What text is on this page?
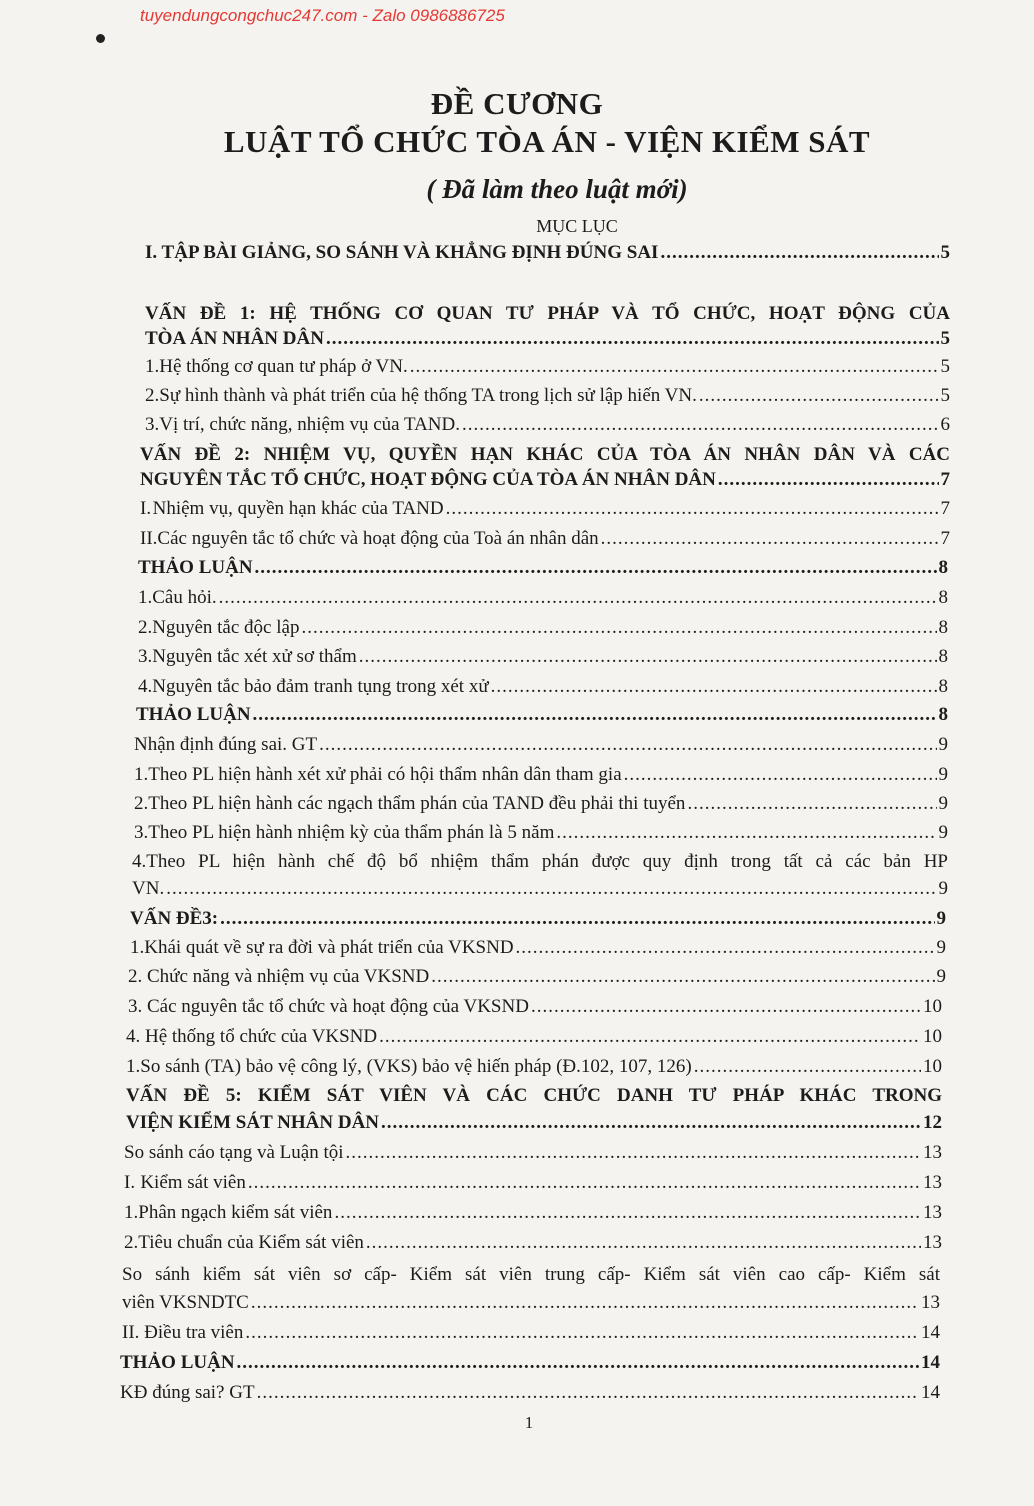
tuyendungcongchuc247.com - Zalo 0986886725
ĐỀ CƯƠNG
LUẬT TỔ CHỨC TÒA ÁN - VIỆN KIỂM SÁT
( Đã làm theo luật mới)
MỤC LỤC
I. TẬP BÀI GIẢNG, SO SÁNH VÀ KHẲNG ĐỊNH ĐÚNG SAI .....	5
VẤN ĐỀ 1: HỆ THỐNG CƠ QUAN TƯ PHÁP VÀ TỔ CHỨC, HOẠT ĐỘNG CỦA
TÒA ÁN NHÂN DÂN .....	5
1. Hệ thống cơ quan tư pháp ở VN. .....	5
2. Sự hình thành và phát triển của hệ thống TA trong lịch sử lập hiến VN. .....	5
3. Vị trí, chức năng, nhiệm vụ của TAND. .....	6
VẤN ĐỀ 2: NHIỆM VỤ, QUYỀN HẠN KHÁC CỦA TÒA ÁN NHÂN DÂN VÀ CÁC
NGUYÊN TẮC TỔ CHỨC, HOẠT ĐỘNG CỦA TÒA ÁN NHÂN DÂN .....	7
I. Nhiệm vụ, quyền hạn khác của TAND .....	7
II. Các nguyên tắc tổ chức và hoạt động của Toà án nhân dân .....	7
THẢO LUẬN .....	8
1.Câu hỏi. .....	8
2.Nguyên tắc độc lập .....	8
3.Nguyên tắc xét xử sơ thẩm .....	8
4.Nguyên tắc bảo đảm tranh tụng trong xét xử .....	8
THẢO LUẬN .....	8
Nhận định đúng sai. GT .....	9
1.Theo PL hiện hành xét xử phải có hội thẩm nhân dân tham gia .....	9
2.Theo PL hiện hành các ngạch thẩm phán của TAND đều phải thi tuyển .....	9
3.Theo PL hiện hành nhiệm kỳ của thẩm phán là 5 năm .....	9
4.Theo PL hiện hành chế độ bổ nhiệm thẩm phán được quy định trong tất cả các bản HP
VN. .....	9
VẤN ĐỀ3: .....	9
1. Khái quát về sự ra đời và phát triển của VKSND .....	9
2. Chức năng và nhiệm vụ của VKSND .....	9
3. Các nguyên tắc tổ chức và hoạt động của VKSND .....	10
4. Hệ thống tổ chức của VKSND .....	10
1. So sánh (TA) bảo vệ công lý, (VKS) bảo vệ hiến pháp (Đ.102, 107, 126) .....	10
VẤN ĐỀ 5: KIỂM SÁT VIÊN VÀ CÁC CHỨC DANH TƯ PHÁP KHÁC TRONG
VIỆN KIỂM SÁT NHÂN DÂN .....	12
So sánh cáo tạng và Luận tội .....	13
I. Kiểm sát viên .....	13
1. Phân ngạch kiểm sát viên .....	13
2. Tiêu chuẩn của Kiểm sát viên .....	13
So sánh kiểm sát viên sơ cấp- Kiểm sát viên trung cấp- Kiểm sát viên cao cấp- Kiểm sát
viên VKSNDTC .....	13
II. Điều tra viên .....	14
THẢO LUẬN .....	14
KĐ đúng sai? GT .....	14
1
